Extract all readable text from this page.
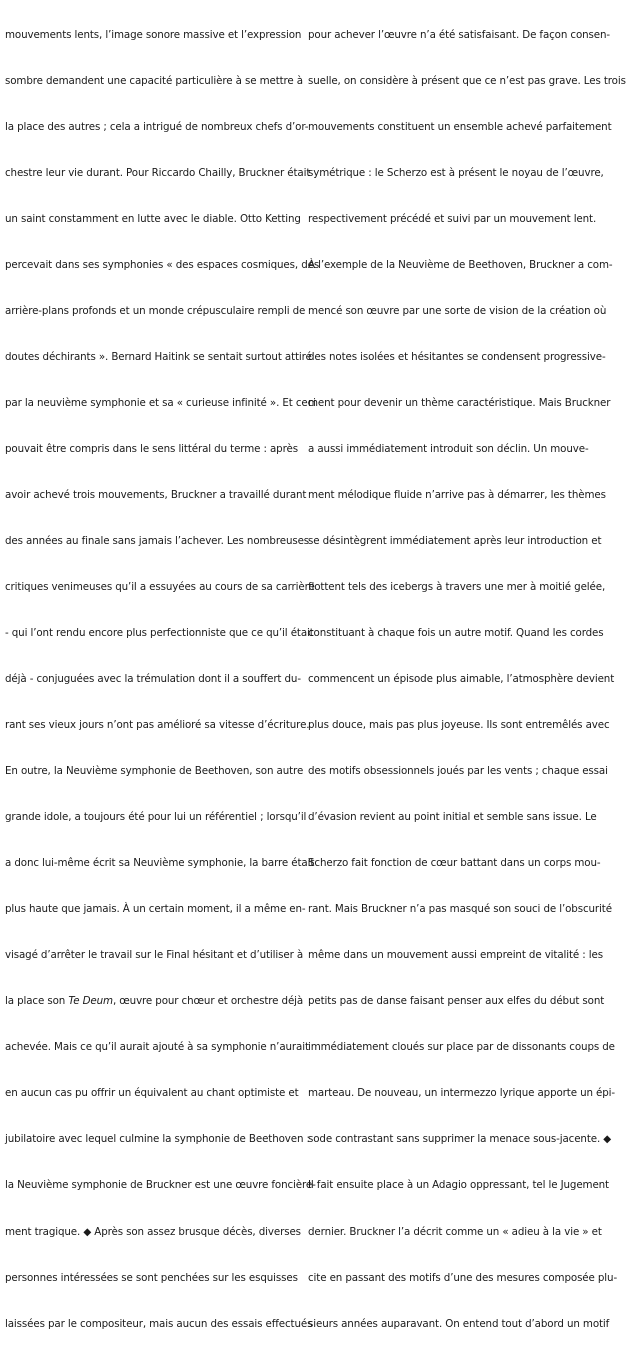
mouvements lents, l’image sonore massive et l’expression

sombre demandent une capacité particulière à se mettre à

la place des autres ; cela a intrigué de nombreux chefs d’or-

chestre leur vie durant. Pour Riccardo Chailly, Bruckner était

un saint constamment en lutte avec le diable. Otto Ketting

percevait dans ses symphonies « des espaces cosmiques, des

arrière-plans profonds et un monde crépusculaire rempli de

doutes déchirants ». Bernard Haitink se sentait surtout attiré

par la neuvième symphonie et sa « curieuse infinité ». Et ceci

pouvait être compris dans le sens littéral du terme : après

avoir achevé trois mouvements, Bruckner a travaillé durant

des années au finale sans jamais l’achever. Les nombreuses

critiques venimeuses qu’il a essuyées au cours de sa carrière

- qui l’ont rendu encore plus perfectionniste que ce qu’il était

déjà - conjuguées avec la trémulation dont il a souffert du-

rant ses vieux jours n’ont pas amélioré sa vitesse d’écriture.

En outre, la Neuvième symphonie de Beethoven, son autre

grande idole, a toujours été pour lui un référentiel ; lorsqu’il

a donc lui-même écrit sa Neuvième symphonie, la barre était

plus haute que jamais. À un certain moment, il a même en-

visagé d’arrêter le travail sur le Final hésitant et d’utiliser à

la place son Te Deum, œuvre pour chœur et orchestre déjà

achevée. Mais ce qu’il aurait ajouté à sa symphonie n’aurait

en aucun cas pu offrir un équivalent au chant optimiste et

jubilatoire avec lequel culmine la symphonie de Beethoven :

la Neuvième symphonie de Bruckner est une œuvre foncière-

ment tragique. ◆ Après son assez brusque décès, diverses

personnes intéressées se sont penchées sur les esquisses

laissées par le compositeur, mais aucun des essais effectués

pour achever l’œuvre n’a été satisfaisant. De façon consen-

suelle, on considère à présent que ce n’est pas grave. Les trois

mouvements constituent un ensemble achevé parfaitement

symétrique : le Scherzo est à présent le noyau de l’œuvre,

respectivement précédé et suivi par un mouvement lent.

À l’exemple de la Neuvième de Beethoven, Bruckner a com-

mencé son œuvre par une sorte de vision de la création où

des notes isolées et hésitantes se condensent progressive-

ment pour devenir un thème caractéristique. Mais Bruckner

a aussi immédiatement introduit son déclin. Un mouve-

ment mélodique fluide n’arrive pas à démarrer, les thèmes

se désintègrent immédiatement après leur introduction et

flottent tels des icebergs à travers une mer à moitié gelée,

constituant à chaque fois un autre motif. Quand les cordes

commencent un épisode plus aimable, l’atmosphère devient

plus douce, mais pas plus joyeuse. Ils sont entremêlés avec

des motifs obsessionnels joués par les vents ; chaque essai

d’évasion revient au point initial et semble sans issue. Le

Scherzo fait fonction de cœur battant dans un corps mou-

rant. Mais Bruckner n’a pas masqué son souci de l’obscurité

même dans un mouvement aussi empreint de vitalité : les

petits pas de danse faisant penser aux elfes du début sont

immédiatement cloués sur place par de dissonants coups de

marteau. De nouveau, un intermezzo lyrique apporte un épi-

sode contrastant sans supprimer la menace sous-jacente. ◆

Il fait ensuite place à un Adagio oppressant, tel le Jugement

dernier. Bruckner l’a décrit comme un « adieu à la vie » et

cite en passant des motifs d’une des mesures composée plu-

sieurs années auparavant. On entend tout d’abord un motif
